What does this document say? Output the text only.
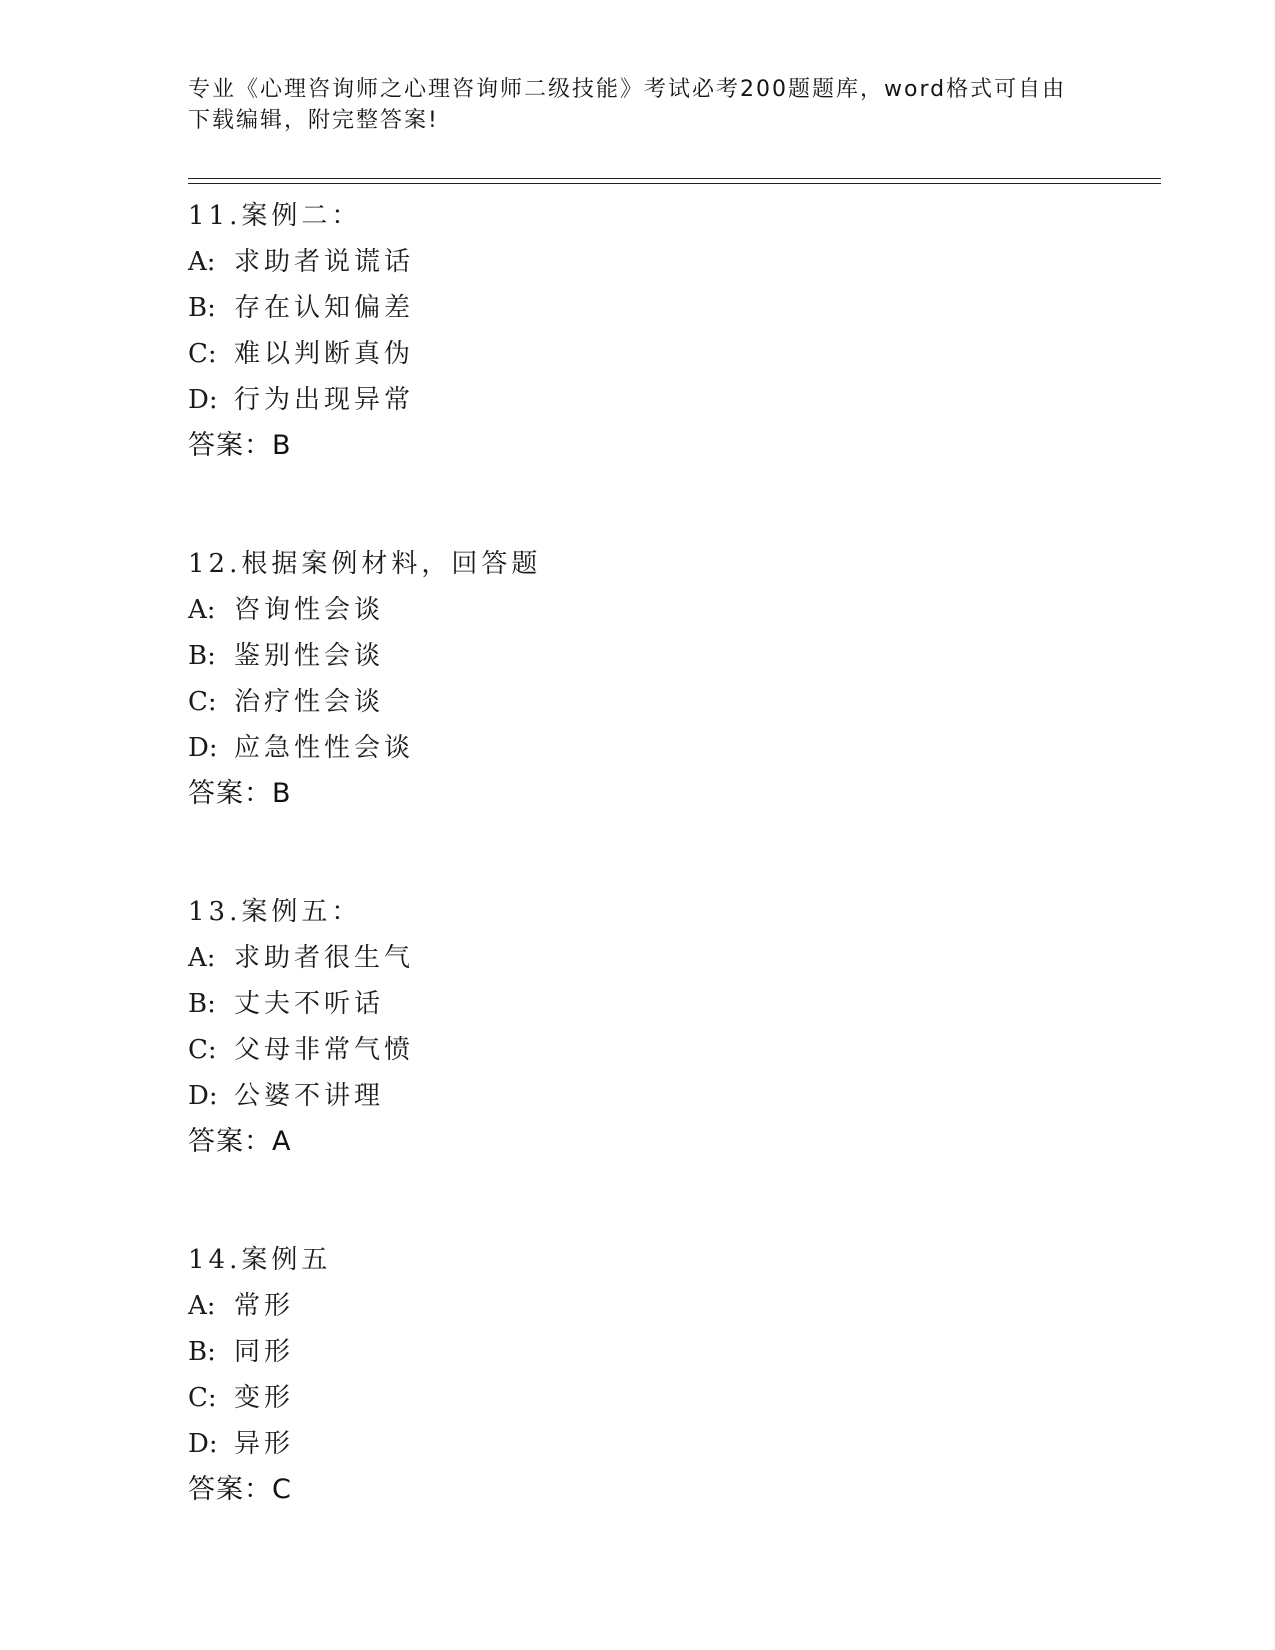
专业《心理咨询师之心理咨询师二级技能》考试必考200题题库，word格式可自由下载编辑，附完整答案!
11.案例二：
A: 求助者说谎话
B: 存在认知偏差
C: 难以判断真伪
D: 行为出现异常
答案：B
12.根据案例材料，回答题
A: 咨询性会谈
B: 鉴别性会谈
C: 治疗性会谈
D: 应急性性会谈
答案：B
13.案例五：
A: 求助者很生气
B: 丈夫不听话
C: 父母非常气愤
D: 公婆不讲理
答案：A
14.案例五
A: 常形
B: 同形
C: 变形
D: 异形
答案：C
